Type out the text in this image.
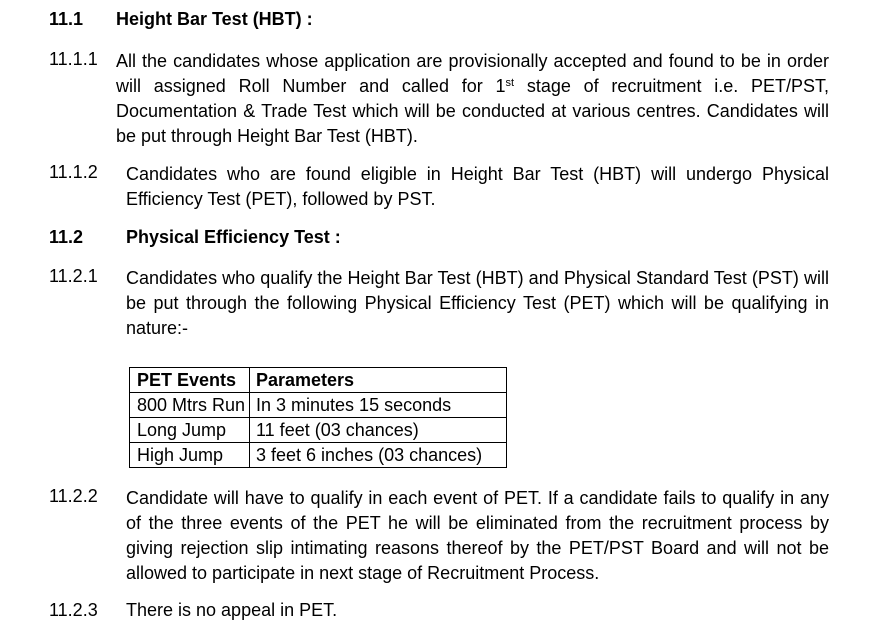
11.1 Height Bar Test (HBT) :
11.1.1 All the candidates whose application are provisionally accepted and found to be in order will assigned Roll Number and called for 1st stage of recruitment i.e. PET/PST, Documentation & Trade Test which will be conducted at various centres. Candidates will be put through Height Bar Test (HBT).
11.1.2 Candidates who are found eligible in Height Bar Test (HBT) will undergo Physical Efficiency Test (PET), followed by PST.
11.2 Physical Efficiency Test :
11.2.1 Candidates who qualify the Height Bar Test (HBT) and Physical Standard Test (PST) will be put through the following Physical Efficiency Test (PET) which will be qualifying in nature:-
PET Events	Parameters
800 Mtrs Run	In 3 minutes 15 seconds
Long Jump	11 feet (03 chances)
High Jump	3 feet 6 inches (03 chances)
11.2.2 Candidate will have to qualify in each event of PET. If a candidate fails to qualify in any of the three events of the PET he will be eliminated from the recruitment process by giving rejection slip intimating reasons thereof by the PET/PST Board and will not be allowed to participate in next stage of Recruitment Process.
11.2.3 There is no appeal in PET.
